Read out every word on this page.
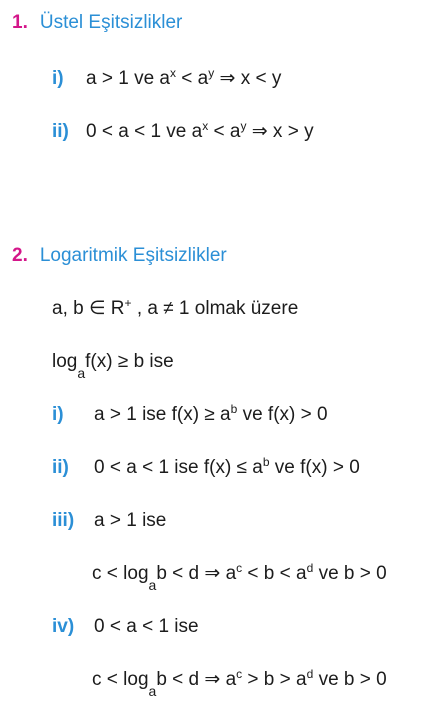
1. Üstel Eşitsizlikler
i) a > 1 ve $a^x < a^y$ ⇒ x < y
ii) 0 < a < 1 ve $a^x < a^y$ ⇒ x > y
2. Logaritmik Eşitsizlikler
a, b ∈ R+ , a ≠ 1 olmak üzere
$\log_af(x) \ge b$ ise
i) a > 1 ise $f(x) \ge a^b$ ve f(x) > 0
ii) 0 < a < 1 ise $f(x) \le a^b$ ve f(x) > 0
iii) a > 1 ise
$c < \log_ab < d$ ⇒ $a^c < b < a^d$ ve b > 0
iv) 0 < a < 1 ise
$c < \log_ab < d$ ⇒ $a^c > b > a^d$ ve b > 0
